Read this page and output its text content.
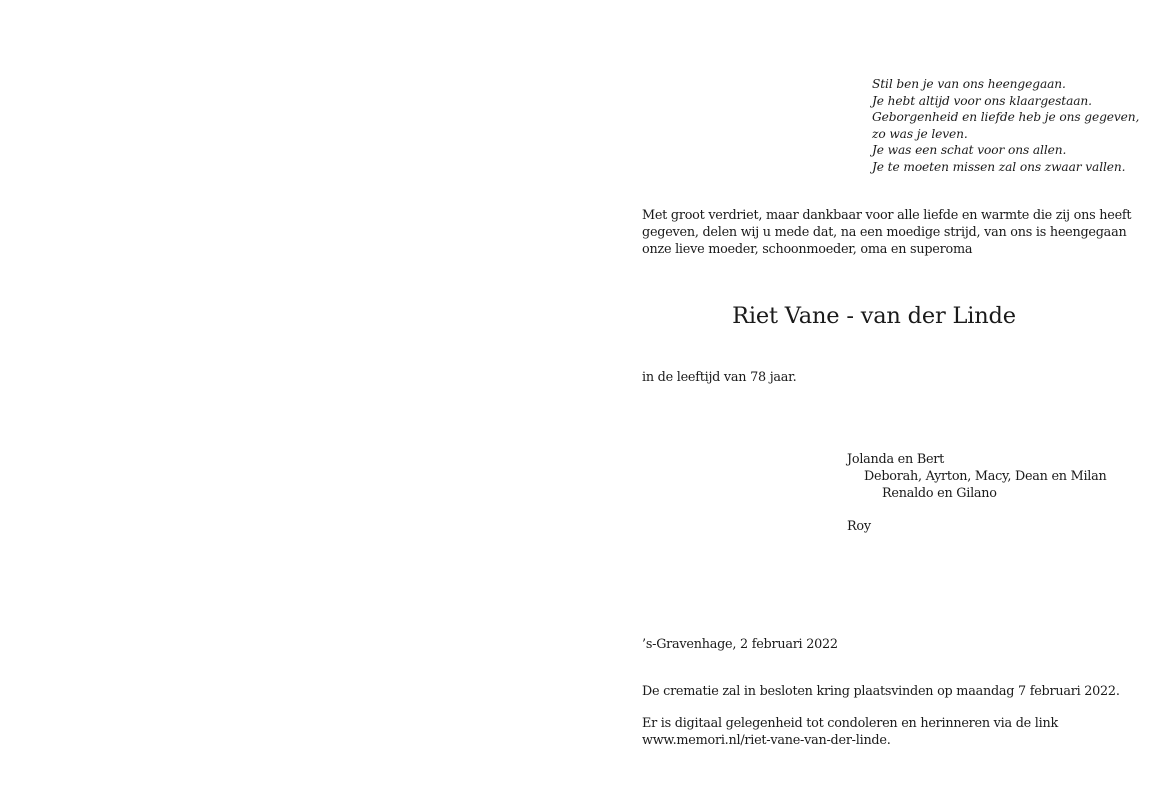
Stil ben je van ons heengegaan.
Je hebt altijd voor ons klaargestaan.
Geborgenheid en liefde heb je ons gegeven,
zo was je leven.
Je was een schat voor ons allen.
Je te moeten missen zal ons zwaar vallen.
Met groot verdriet, maar dankbaar voor alle liefde en warmte die zij ons heeft
gegeven, delen wij u mede dat, na een moedige strijd, van ons is heengegaan
onze lieve moeder, schoonmoeder, oma en superoma
Riet Vane - van der Linde
in de leeftijd van 78 jaar.
Jolanda en Bert
Deborah, Ayrton, Macy, Dean en Milan
Renaldo en Gilano
Roy
’s-Gravenhage, 2 februari 2022
De crematie zal in besloten kring plaatsvinden op maandag 7 februari 2022.
Er is digitaal gelegenheid tot condoleren en herinneren via de link
www.memori.nl/riet-vane-van-der-linde.
